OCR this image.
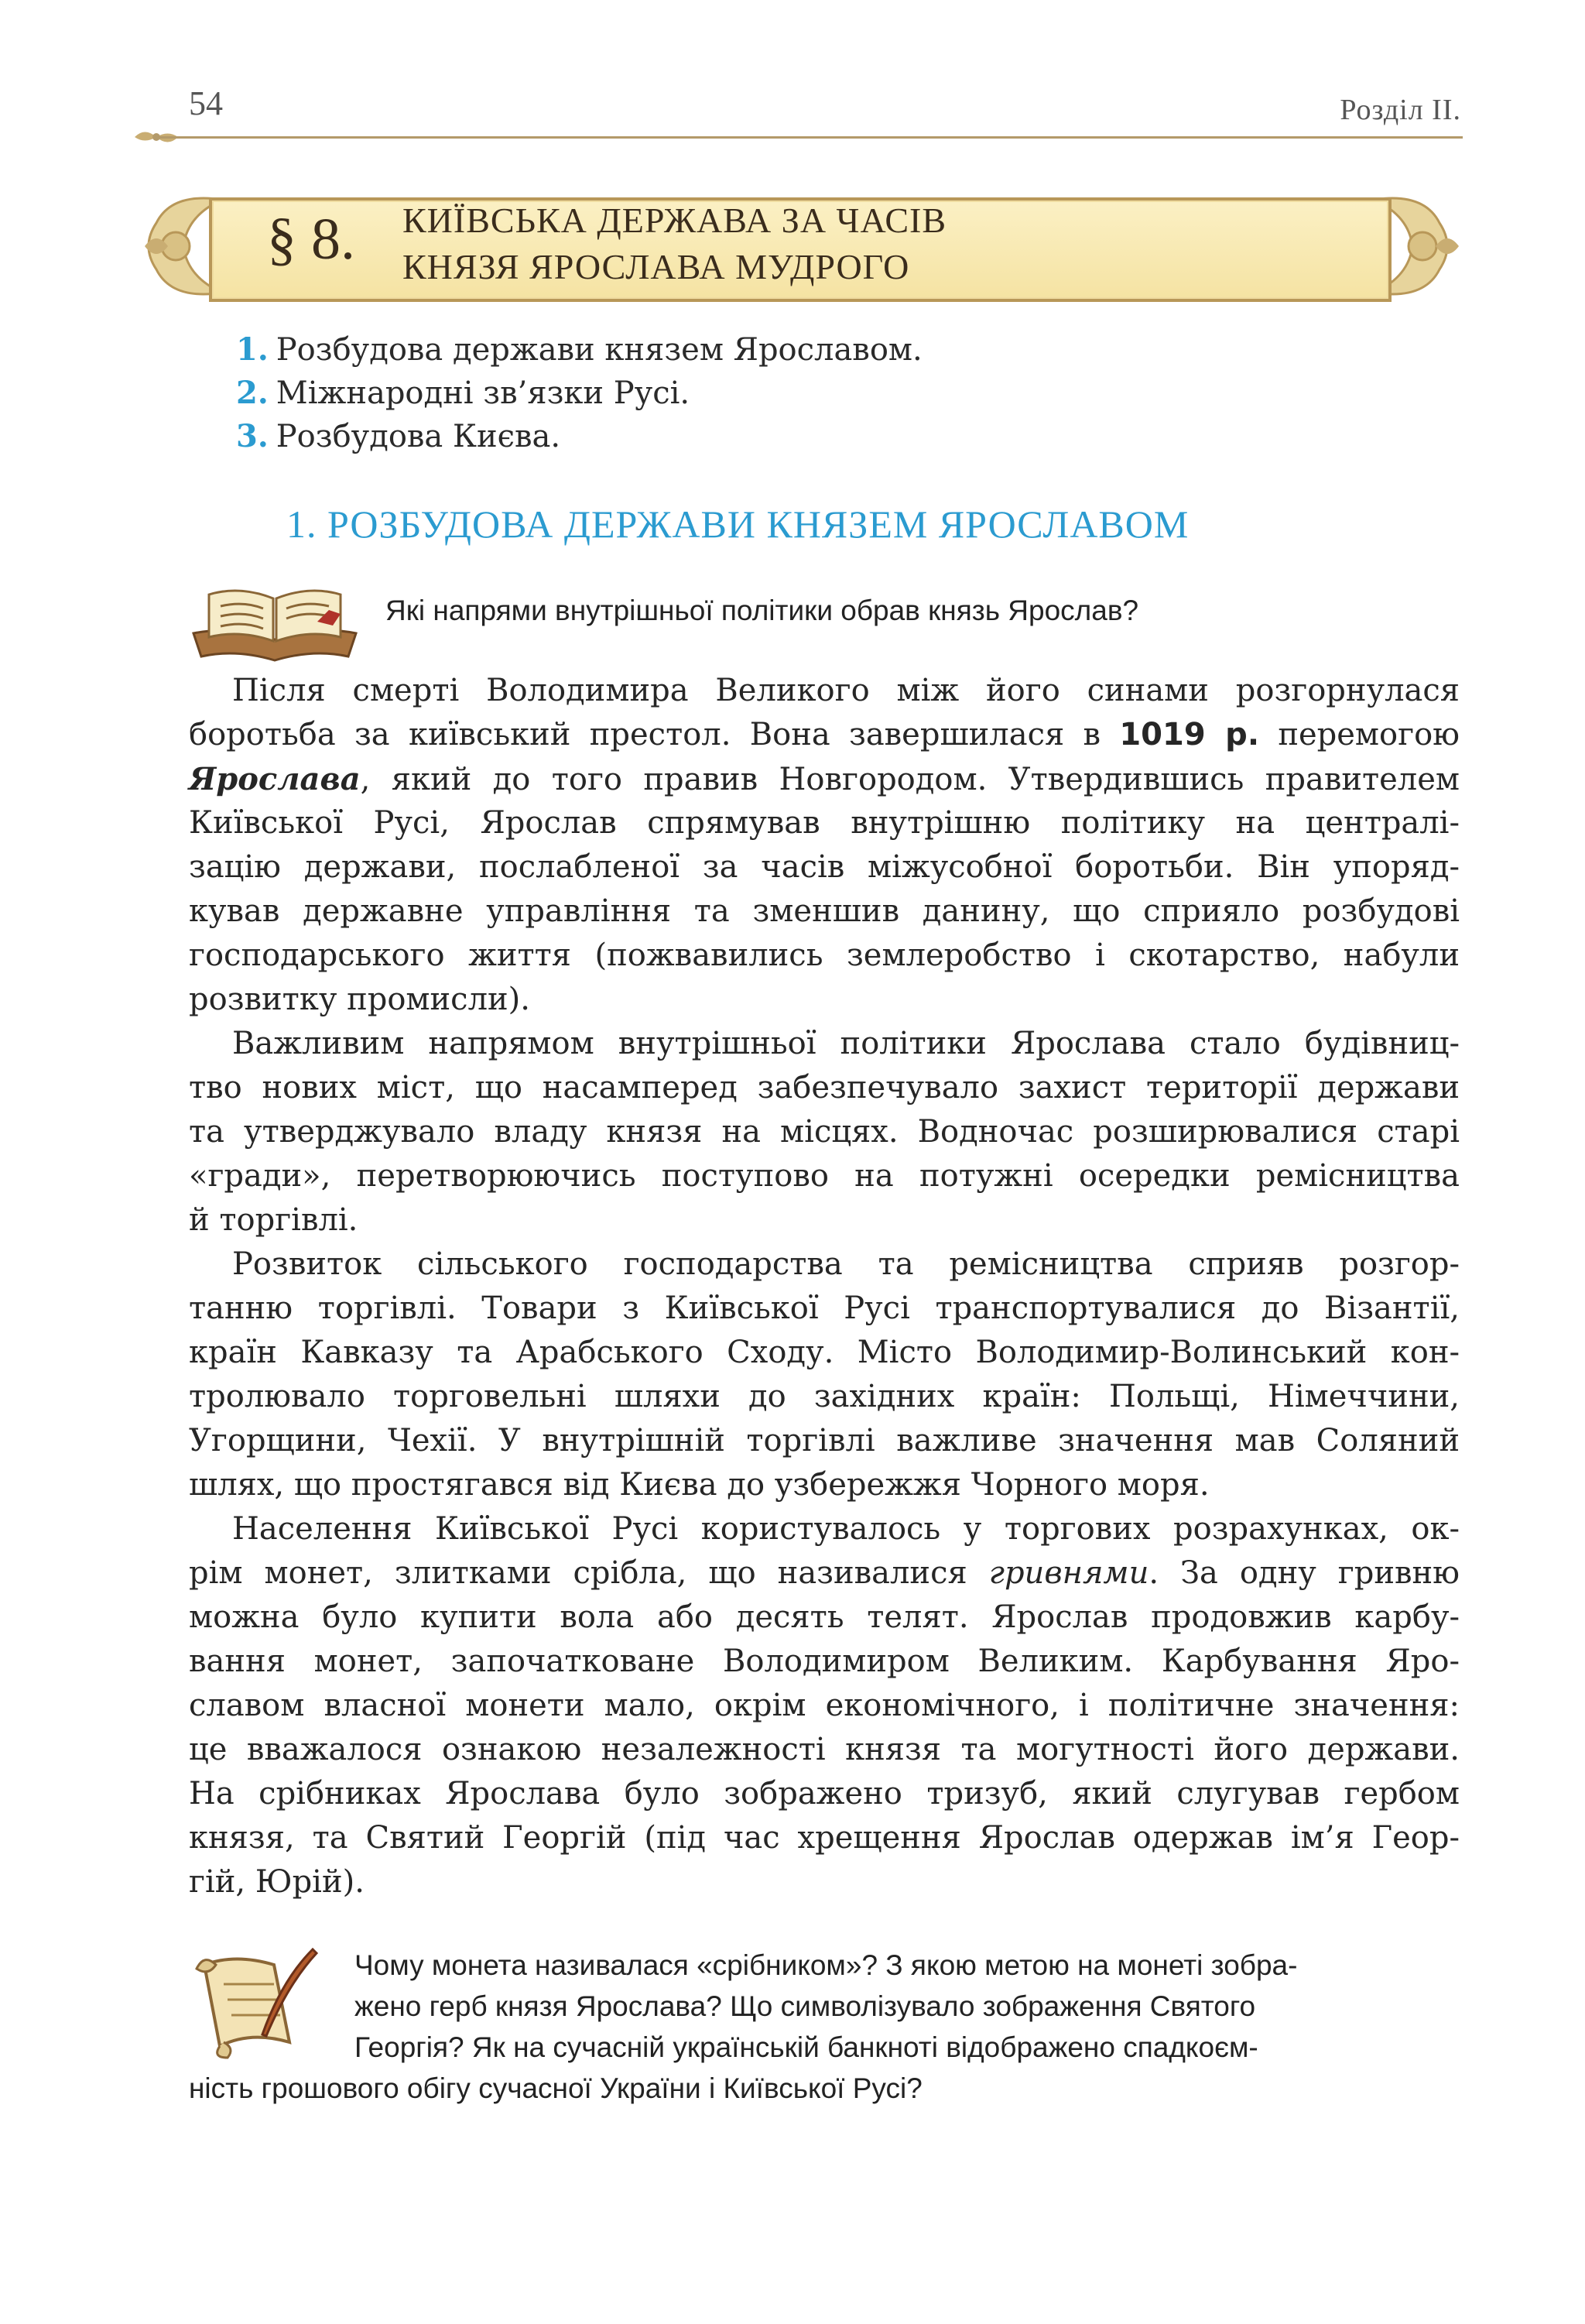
54	Розділ ІІ.
§ 8. КИЇВСЬКА ДЕРЖАВА ЗА ЧАСІВ
КНЯЗЯ ЯРОСЛАВА МУДРОГО
1. Розбудова держави князем Ярославом.
2. Міжнародні зв’язки Русі.
3. Розбудова Києва.
1. РОЗБУДОВА ДЕРЖАВИ КНЯЗЕМ ЯРОСЛАВОМ
Які напрями внутрішньої політики обрав князь Ярослав?
Після смерті Володимира Великого між його синами розгорнулася
боротьба за київський престол. Вона завершилася в 1019 р. перемогою
Ярослава, який до того правив Новгородом. Утвердившись правителем
Київської Русі, Ярослав спрямував внутрішню політику на централі-
зацію держави, послабленої за часів міжусобної боротьби. Він упоряд-
кував державне управління та зменшив данину, що сприяло розбудові
господарського життя (пожвавились землеробство і скотарство, набули
розвитку промисли).
Важливим напрямом внутрішньої політики Ярослава стало будівниц-
тво нових міст, що насамперед забезпечувало захист території держави
та утверджувало владу князя на місцях. Водночас розширювалися старі
«гради», перетворюючись поступово на потужні осередки ремісництва
й торгівлі.
Розвиток сільського господарства та ремісництва сприяв розгор-
танню торгівлі. Товари з Київської Русі транспортувалися до Візантії,
країн Кавказу та Арабського Сходу. Місто Володимир-Волинський кон-
тролювало торговельні шляхи до західних країн: Польщі, Німеччини,
Угорщини, Чехії. У внутрішній торгівлі важливе значення мав Соляний
шлях, що простягався від Києва до узбережжя Чорного моря.
Населення Київської Русі користувалось у торгових розрахунках, ок-
рім монет, злитками срібла, що називалися гривнями. За одну гривню
можна було купити вола або десять телят. Ярослав продовжив карбу-
вання монет, започатковане Володимиром Великим. Карбування Яро-
славом власної монети мало, окрім економічного, і політичне значення:
це вважалося ознакою незалежності князя та могутності його держави.
На срібниках Ярослава було зображено тризуб, який слугував гербом
князя, та Святий Георгій (під час хрещення Ярослав одержав ім’я Геор-
гій, Юрій).
Чому монета називалася «срібником»? З якою метою на монеті зобра-
жено герб князя Ярослава? Що символізувало зображення Святого
Георгія? Як на сучасній українській банкноті відображено спадкоєм-
ність грошового обігу сучасної України і Київської Русі?
